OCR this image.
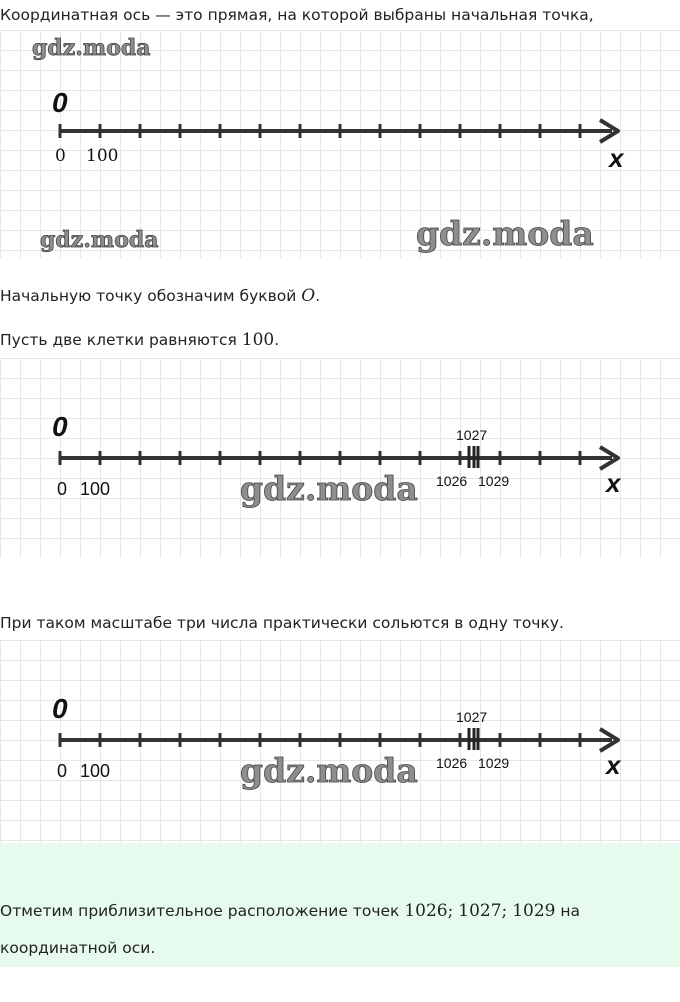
Координатная ось — это прямая, на которой выбраны начальная точка,
gdz.moda
0
0 100	x
gdz.moda	gdz.moda
Начальную точку обозначим буквой O.
Пусть две клетки равняются 100.
0	1027
1026 1029
0 100	x
gdz.moda
При таком масштабе три числа практически сольются в одну точку.
0	1027
1026 1029
0 100	x
gdz.moda
Отметим приблизительное расположение точек 1026; 1027; 1029 на
координатной оси.
